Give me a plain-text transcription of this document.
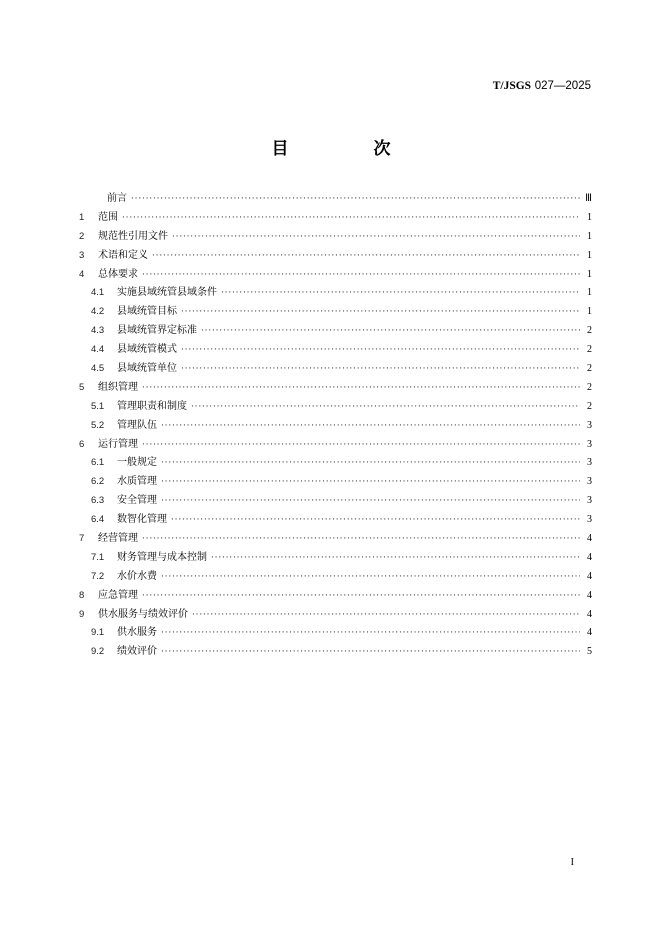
T/JSGS 027—2025
目　次
前言 ·····	Ⅲ
1	范围 ·····	1
2	规范性引用文件 ·····	1
3	术语和定义 ·····	1
4	总体要求 ·····	1
4.1	实施县域统管县域条件 ·····	1
4.2	县域统管目标 ·····	1
4.3	县域统管界定标准 ·····	2
4.4	县域统管模式 ·····	2
4.5	县域统管单位 ·····	2
5	组织管理 ·····	2
5.1	管理职责和制度 ·····	2
5.2	管理队伍 ·····	3
6	运行管理 ·····	3
6.1	一般规定 ·····	3
6.2	水质管理 ·····	3
6.3	安全管理 ·····	3
6.4	数智化管理 ·····	3
7	经营管理 ·····	4
7.1	财务管理与成本控制 ·····	4
7.2	水价水费 ·····	4
8	应急管理 ·····	4
9	供水服务与绩效评价 ·····	4
9.1	供水服务 ·····	4
9.2	绩效评价 ·····	5
I
